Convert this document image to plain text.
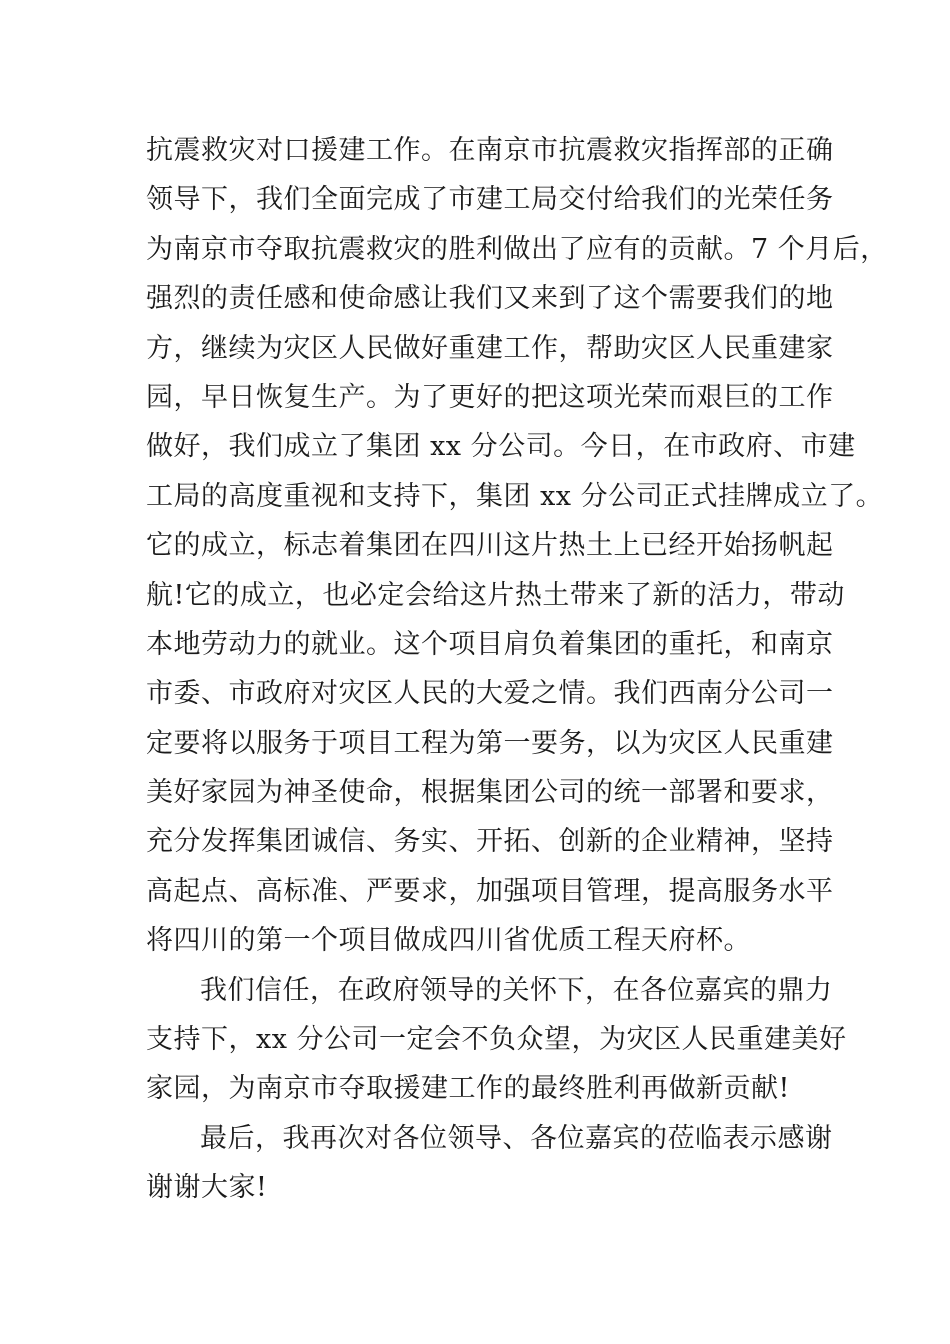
抗震救灾对口援建工作。在南京市抗震救灾指挥部的正确
领导下，我们全面完成了市建工局交付给我们的光荣任务
为南京市夺取抗震救灾的胜利做出了应有的贡献。7 个月后，
强烈的责任感和使命感让我们又来到了这个需要我们的地
方，继续为灾区人民做好重建工作，帮助灾区人民重建家
园，早日恢复生产。为了更好的把这项光荣而艰巨的工作
做好，我们成立了集团 xx 分公司。今日，在市政府、市建
工局的高度重视和支持下，集团 xx 分公司正式挂牌成立了。
它的成立，标志着集团在四川这片热土上已经开始扬帆起
航!它的成立，也必定会给这片热土带来了新的活力，带动
本地劳动力的就业。这个项目肩负着集团的重托，和南京
市委、市政府对灾区人民的大爱之情。我们西南分公司一
定要将以服务于项目工程为第一要务，以为灾区人民重建
美好家园为神圣使命，根据集团公司的统一部署和要求，
充分发挥集团诚信、务实、开拓、创新的企业精神，坚持
高起点、高标准、严要求，加强项目管理，提高服务水平
将四川的第一个项目做成四川省优质工程天府杯。
我们信任，在政府领导的关怀下，在各位嘉宾的鼎力
支持下，xx 分公司一定会不负众望，为灾区人民重建美好
家园，为南京市夺取援建工作的最终胜利再做新贡献!
最后，我再次对各位领导、各位嘉宾的莅临表示感谢
谢谢大家!
